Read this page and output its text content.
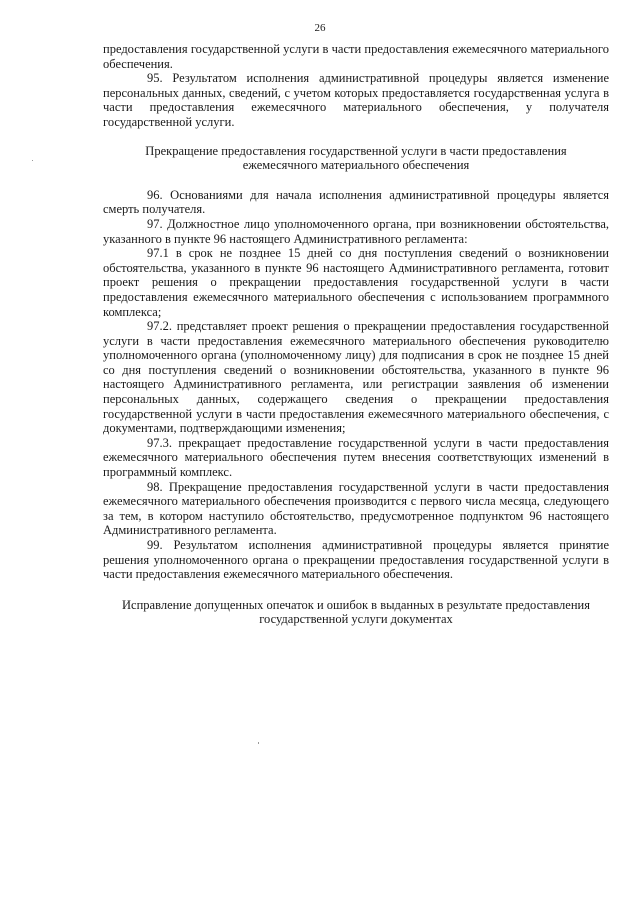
26

предоставления государственной услуги в части предоставления ежемесячного материального обеспечения.

95. Результатом исполнения административной процедуры является изменение персональных данных, сведений, с учетом которых предоставляется государственная услуга в части предоставления ежемесячного материального обеспечения, у получателя государственной услуги.

Прекращение предоставления государственной услуги в части предоставления ежемесячного материального обеспечения

96. Основаниями для начала исполнения административной процедуры является смерть получателя.

97. Должностное лицо уполномоченного органа, при возникновении обстоятельства, указанного в пункте 96 настоящего Административного регламента:

97.1 в срок не позднее 15 дней со дня поступления сведений о возникновении обстоятельства, указанного в пункте 96 настоящего Административного регламента, готовит проект решения о прекращении предоставления государственной услуги в части предоставления ежемесячного материального обеспечения с использованием программного комплекса;

97.2. представляет проект решения о прекращении предоставления государственной услуги в части предоставления ежемесячного материального обеспечения руководителю уполномоченного органа (уполномоченному лицу) для подписания в срок не позднее 15 дней со дня поступления сведений о возникновении обстоятельства, указанного в пункте 96 настоящего Административного регламента, или регистрации заявления об изменении персональных данных, содержащего сведения о прекращении предоставления государственной услуги в части предоставления ежемесячного материального обеспечения, с документами, подтверждающими изменения;

97.3. прекращает предоставление государственной услуги в части предоставления ежемесячного материального обеспечения путем внесения соответствующих изменений в программный комплекс.

98. Прекращение предоставления государственной услуги в части предоставления ежемесячного материального обеспечения производится с первого числа месяца, следующего за тем, в котором наступило обстоятельство, предусмотренное подпунктом 96 настоящего Административного регламента.

99. Результатом исполнения административной процедуры является принятие решения уполномоченного органа о прекращении предоставления государственной услуги в части предоставления ежемесячного материального обеспечения.

Исправление допущенных опечаток и ошибок в выданных в результате предоставления государственной услуги документах
